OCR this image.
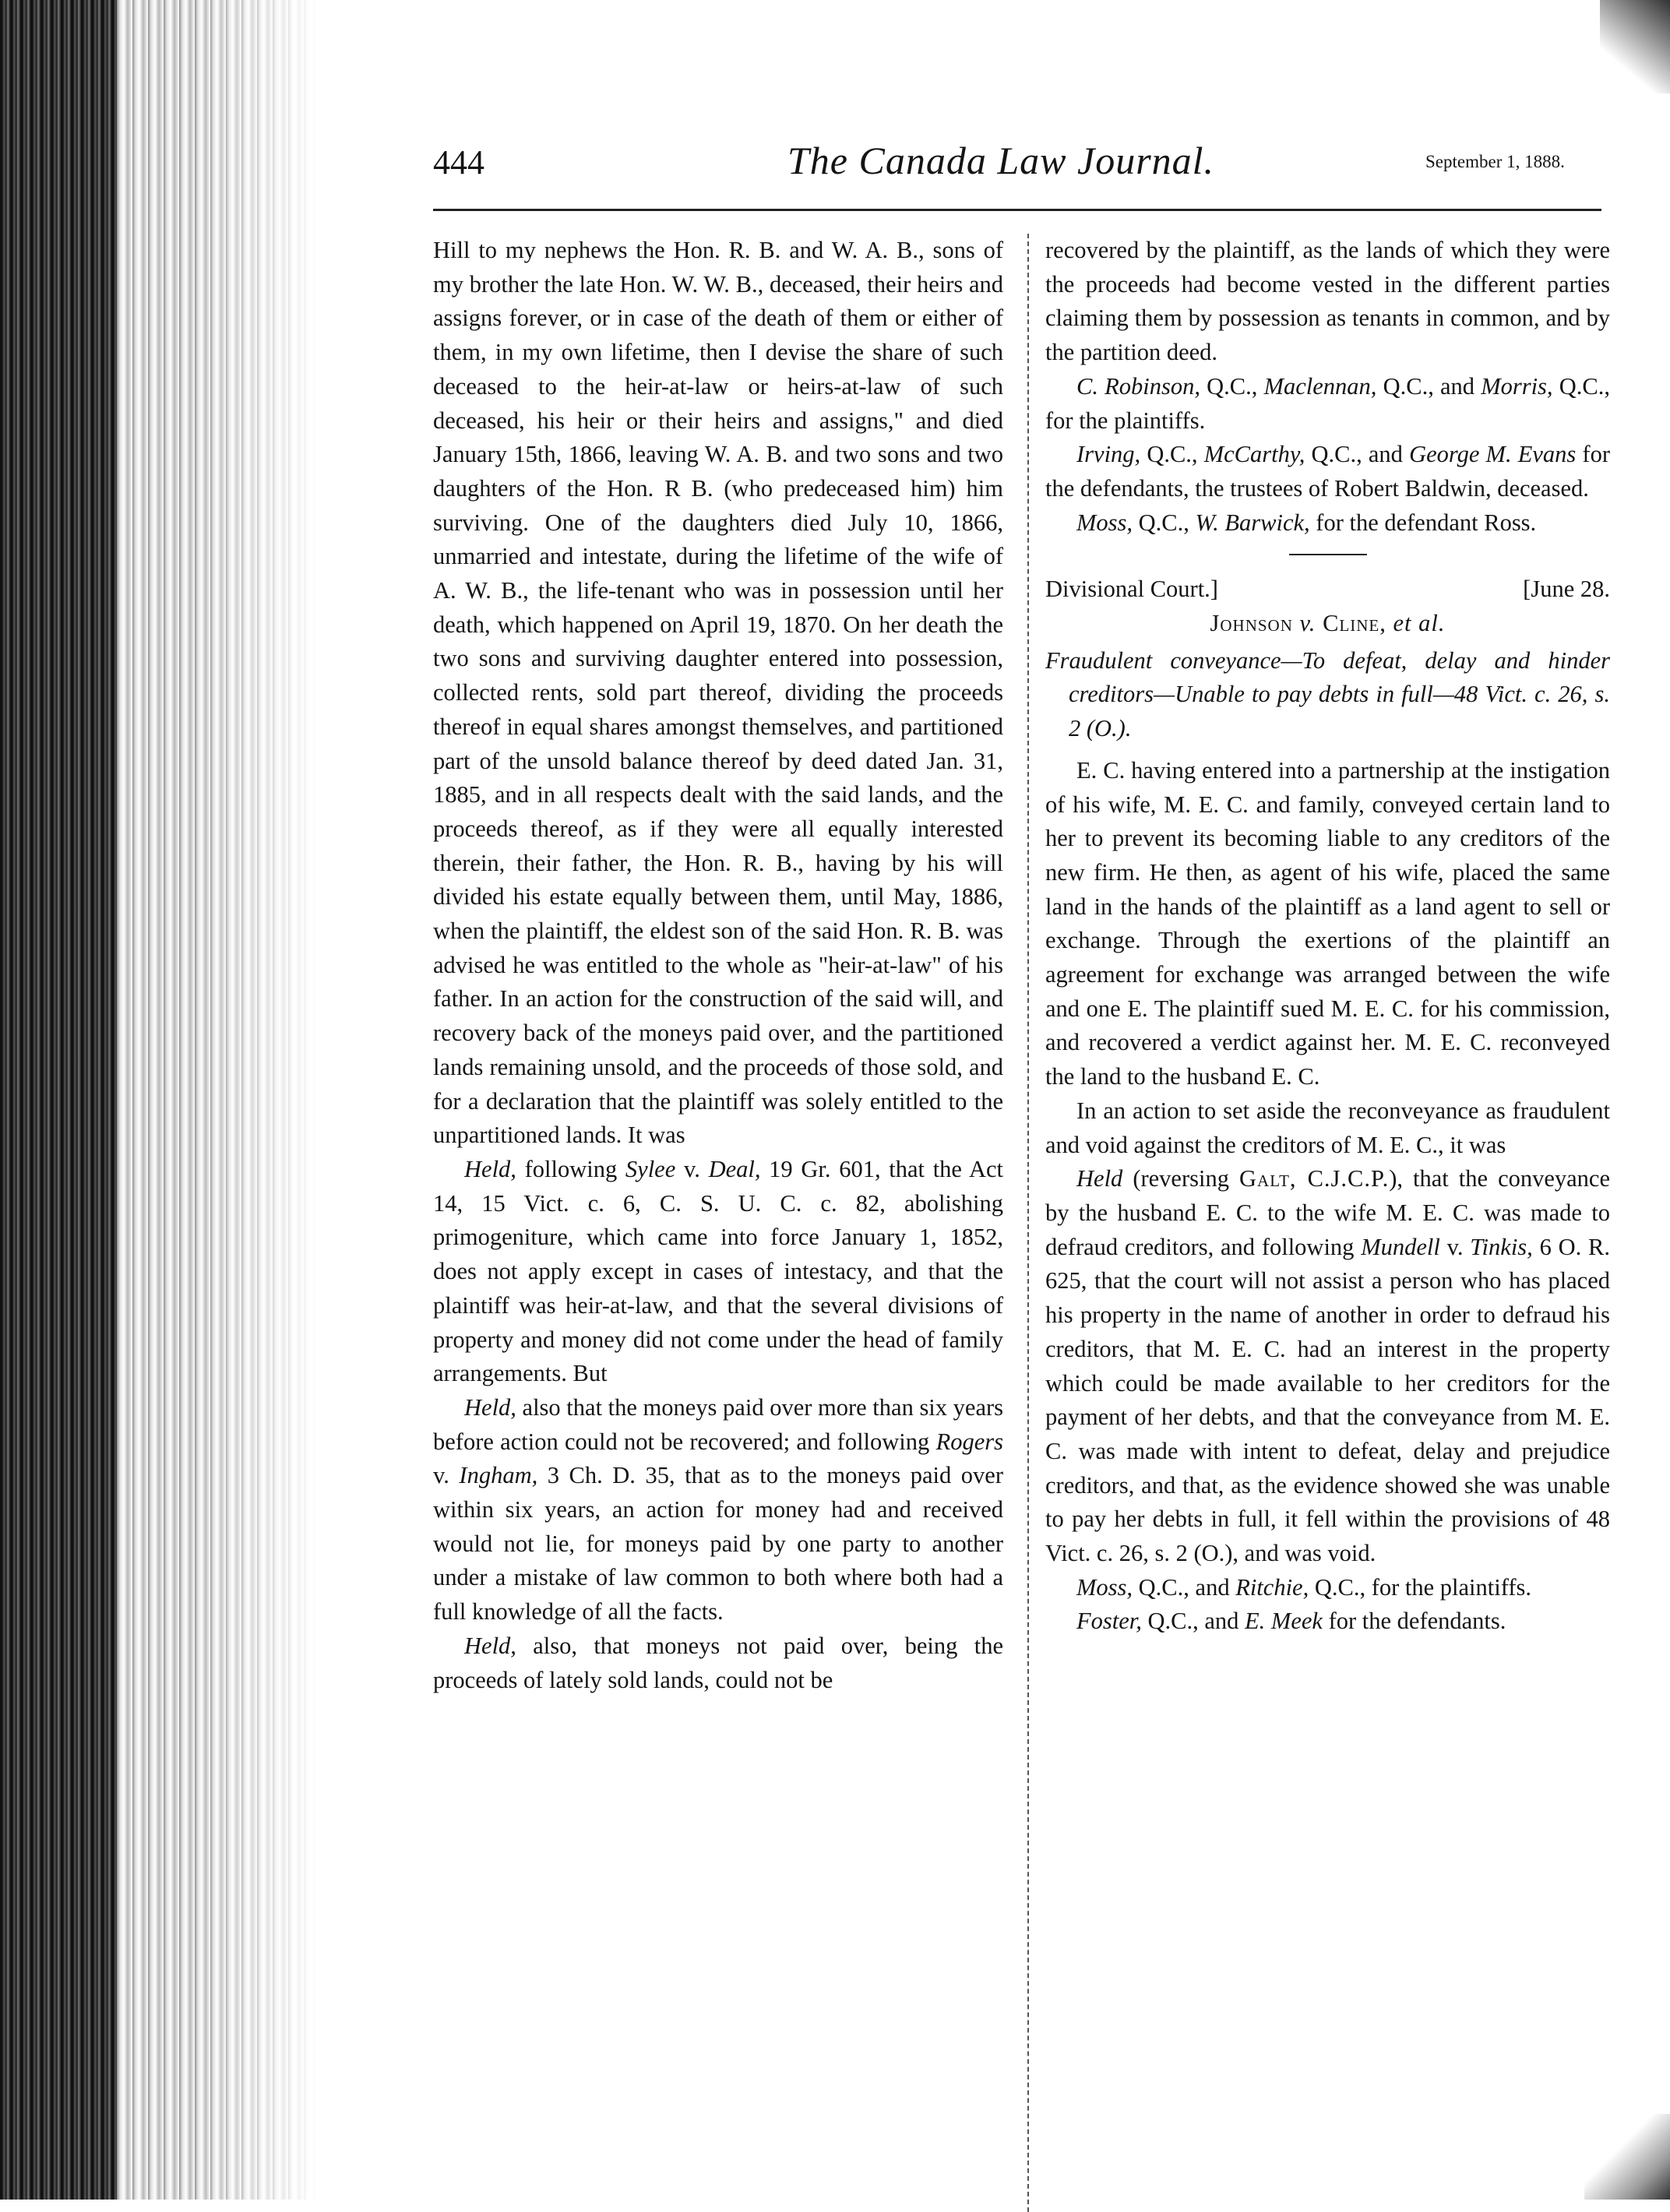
444	The Canada Law Journal.	September 1, 1888.

Hill to my nephews the Hon. R. B. and W. A. B., sons of my brother the late Hon. W. W. B., deceased, their heirs and assigns forever, or in case of the death of them or either of them, in my own lifetime, then I devise the share of such deceased to the heir-at-law or heirs-at-law of such deceased, his heir or their heirs and assigns," and died January 15th, 1866, leaving W. A. B. and two sons and two daughters of the Hon. R B. (who predeceased him) him surviving. One of the daughters died July 10, 1866, unmarried and intestate, during the lifetime of the wife of A. W. B., the life-tenant who was in possession until her death, which happened on April 19, 1870. On her death the two sons and surviving daughter entered into possession, collected rents, sold part thereof, dividing the proceeds thereof in equal shares amongst themselves, and partitioned part of the unsold balance thereof by deed dated Jan. 31, 1885, and in all respects dealt with the said lands, and the proceeds thereof, as if they were all equally interested therein, their father, the Hon. R. B., having by his will divided his estate equally between them, until May, 1886, when the plaintiff, the eldest son of the said Hon. R. B. was advised he was entitled to the whole as "heir-at-law" of his father. In an action for the construction of the said will, and recovery back of the moneys paid over, and the partitioned lands remaining unsold, and the proceeds of those sold, and for a declaration that the plaintiff was solely entitled to the unpartitioned lands. It was

Held, following Sylee v. Deal, 19 Gr. 601, that the Act 14, 15 Vict. c. 6, C. S. U. C. c. 82, abolishing primogeniture, which came into force January 1, 1852, does not apply except in cases of intestacy, and that the plaintiff was heir-at-law, and that the several divisions of property and money did not come under the head of family arrangements. But

Held, also that the moneys paid over more than six years before action could not be recovered; and following Rogers v. Ingham, 3 Ch. D. 35, that as to the moneys paid over within six years, an action for money had and received would not lie, for moneys paid by one party to another under a mistake of law common to both where both had a full knowledge of all the facts.

Held, also, that moneys not paid over, being the proceeds of lately sold lands, could not be

recovered by the plaintiff, as the lands of which they were the proceeds had become vested in the different parties claiming them by possession as tenants in common, and by the partition deed.

C. Robinson, Q.C., Maclennan, Q.C., and Morris, Q.C., for the plaintiffs.

Irving, Q.C., McCarthy, Q.C., and George M. Evans for the defendants, the trustees of Robert Baldwin, deceased.

Moss, Q.C., W. Barwick, for the defendant Ross.

Divisional Court.]	[June 28.

Johnson v. Cline, et al.

Fraudulent conveyance—To defeat, delay and hinder creditors—Unable to pay debts in full—48 Vict. c. 26, s. 2 (O.).

E. C. having entered into a partnership at the instigation of his wife, M. E. C. and family, conveyed certain land to her to prevent its becoming liable to any creditors of the new firm. He then, as agent of his wife, placed the same land in the hands of the plaintiff as a land agent to sell or exchange. Through the exertions of the plaintiff an agreement for exchange was arranged between the wife and one E. The plaintiff sued M. E. C. for his commission, and recovered a verdict against her. M. E. C. reconveyed the land to the husband E. C.

In an action to set aside the reconveyance as fraudulent and void against the creditors of M. E. C., it was

Held (reversing Galt, C.J.C.P.), that the conveyance by the husband E. C. to the wife M. E. C. was made to defraud creditors, and following Mundell v. Tinkis, 6 O. R. 625, that the court will not assist a person who has placed his property in the name of another in order to defraud his creditors, that M. E. C. had an interest in the property which could be made available to her creditors for the payment of her debts, and that the conveyance from M. E. C. was made with intent to defeat, delay and prejudice creditors, and that, as the evidence showed she was unable to pay her debts in full, it fell within the provisions of 48 Vict. c. 26, s. 2 (O.), and was void.

Moss, Q.C., and Ritchie, Q.C., for the plaintiffs.

Foster, Q.C., and E. Meek for the defendants.
